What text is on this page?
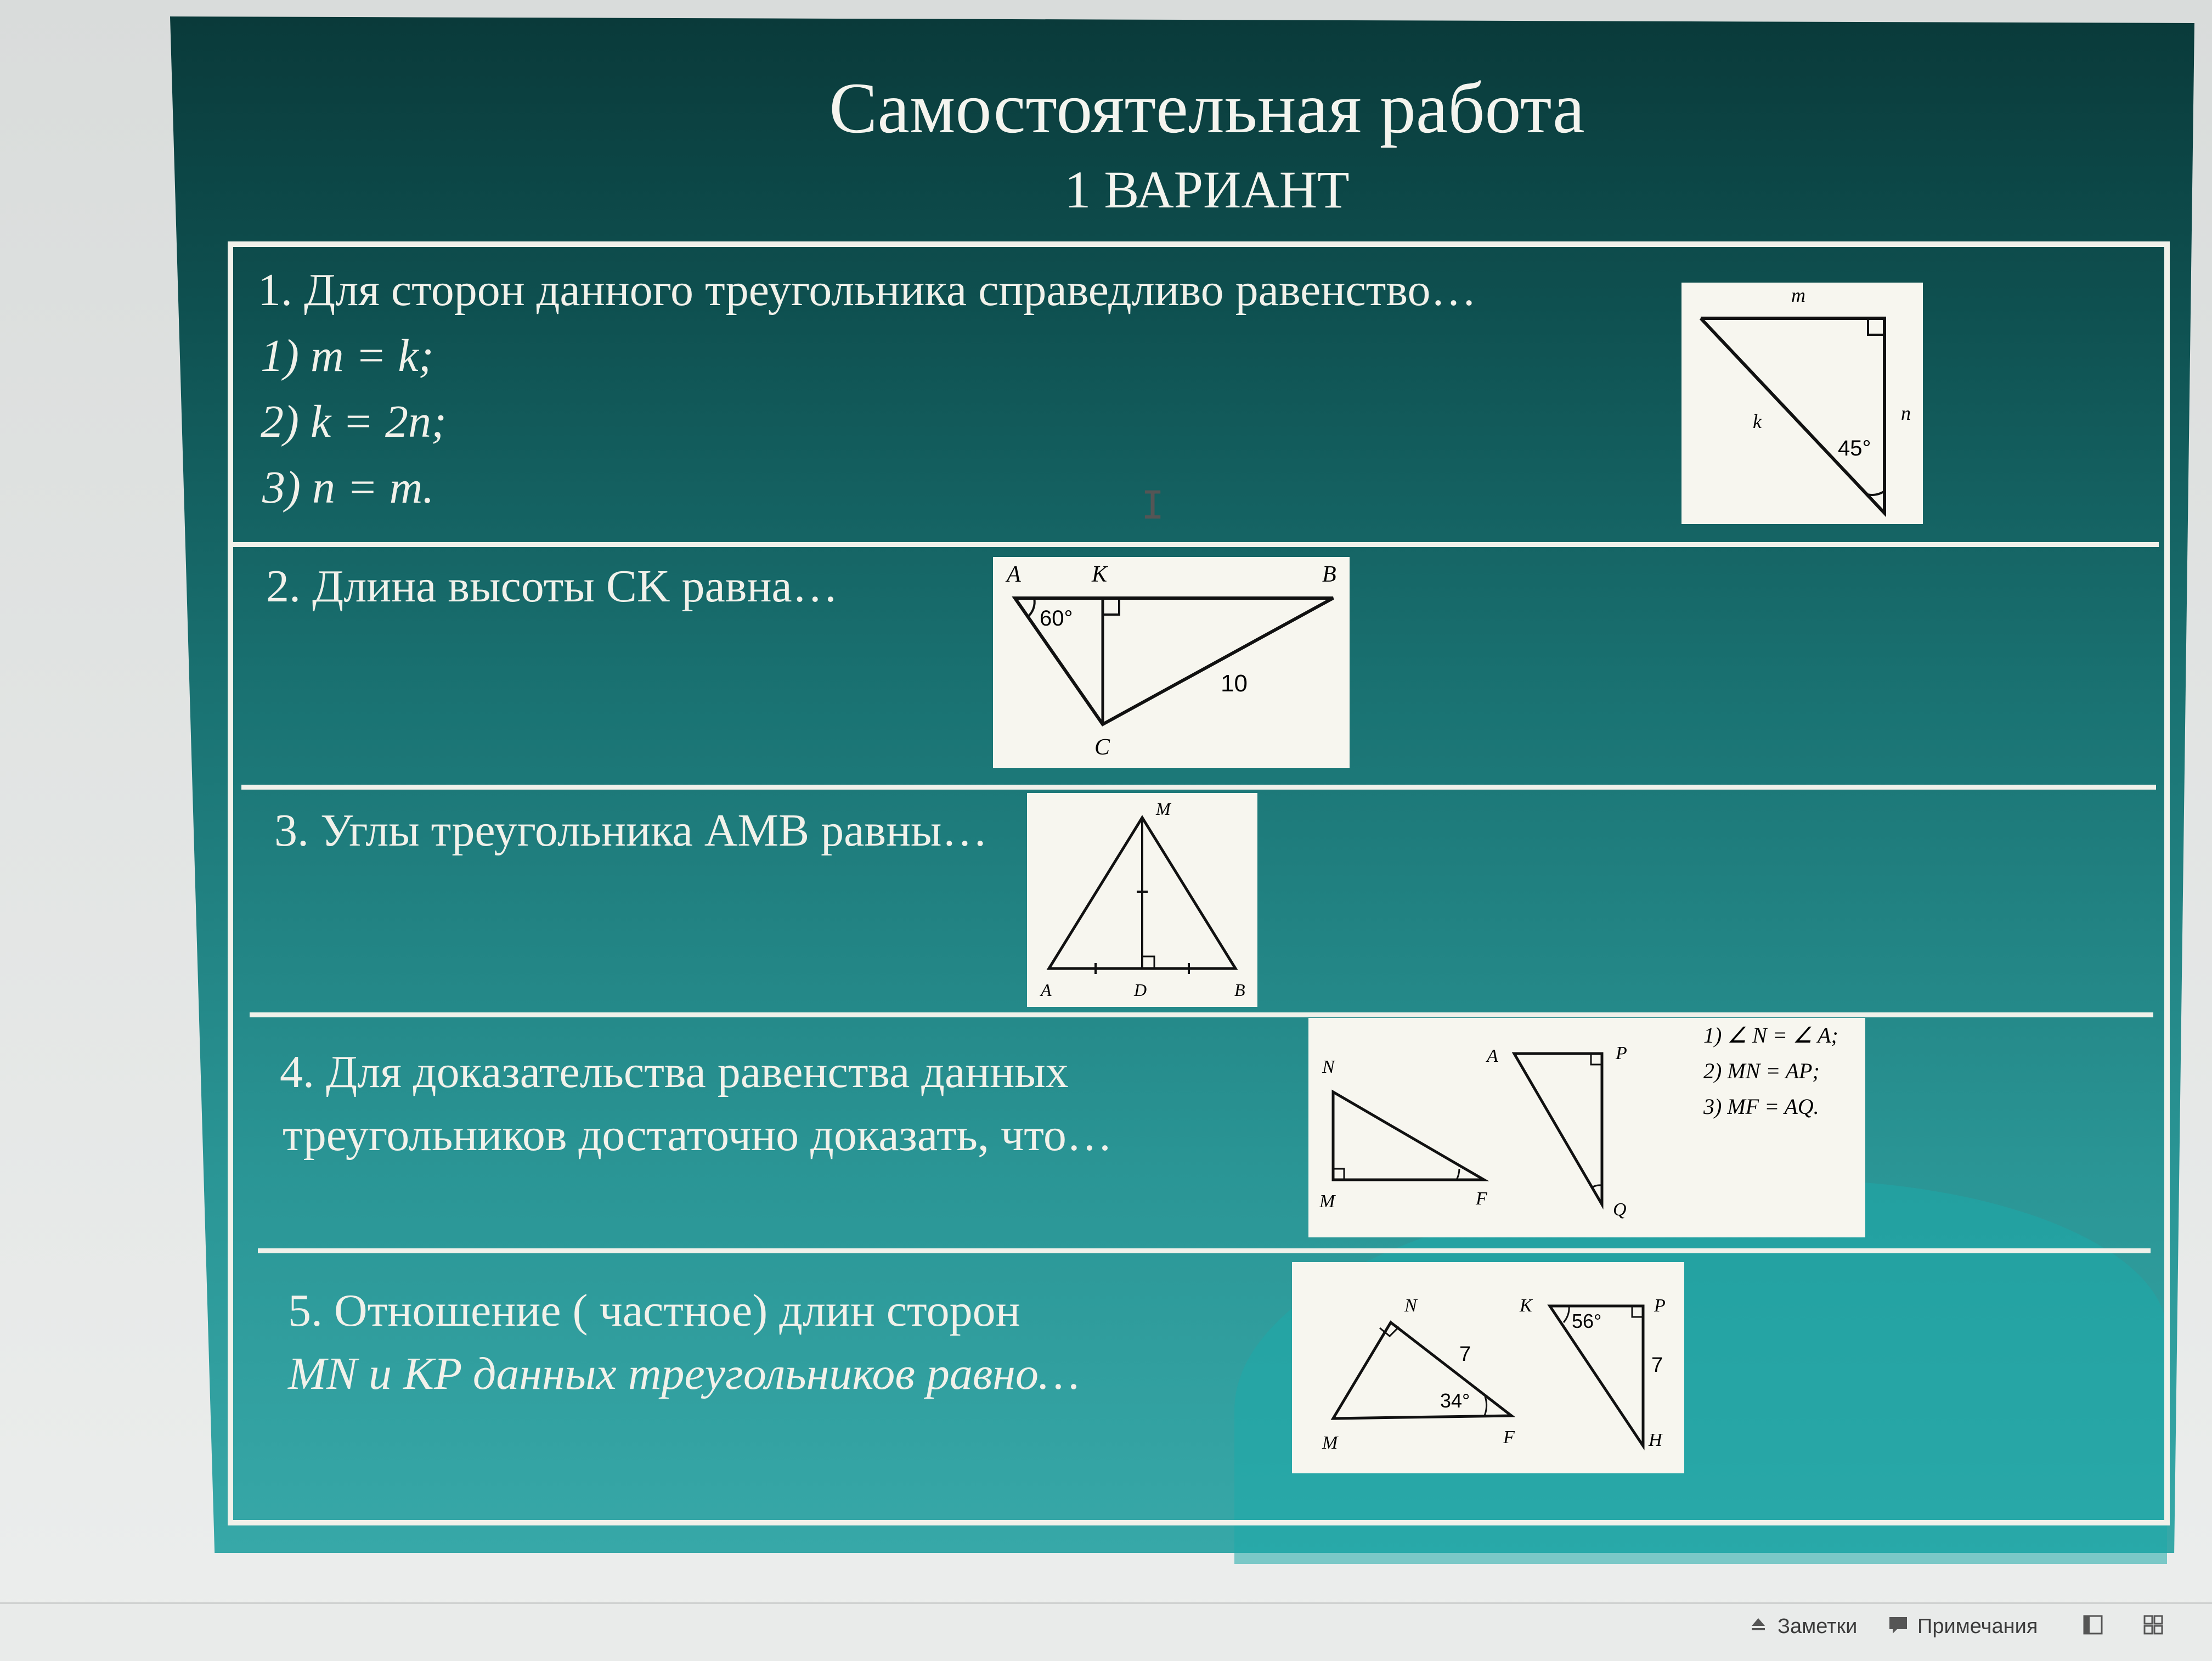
Самостоятельная работа
1 ВАРИАНТ
1. Для сторон данного треугольника справедливо равенство…
1) m = k;
2) k = 2n;
3) n = m.
m
n
k
45°
2. Длина высоты CK равна…	A	K	B
C
60°
10
3. Углы треугольника AMB равны…	M
A	D	B
4. Для доказательства равенства данных
треугольников достаточно доказать, что…
N
M	F
A	P
Q
1) ∠ N = ∠ A;
2) MN = AP;
3) MF = AQ.
5. Отношение ( частное) длин сторон
MN и KP данных треугольников равно…
N
7
34°
M	F
K
56°
P
7
H
I
Заметки	Примечания
